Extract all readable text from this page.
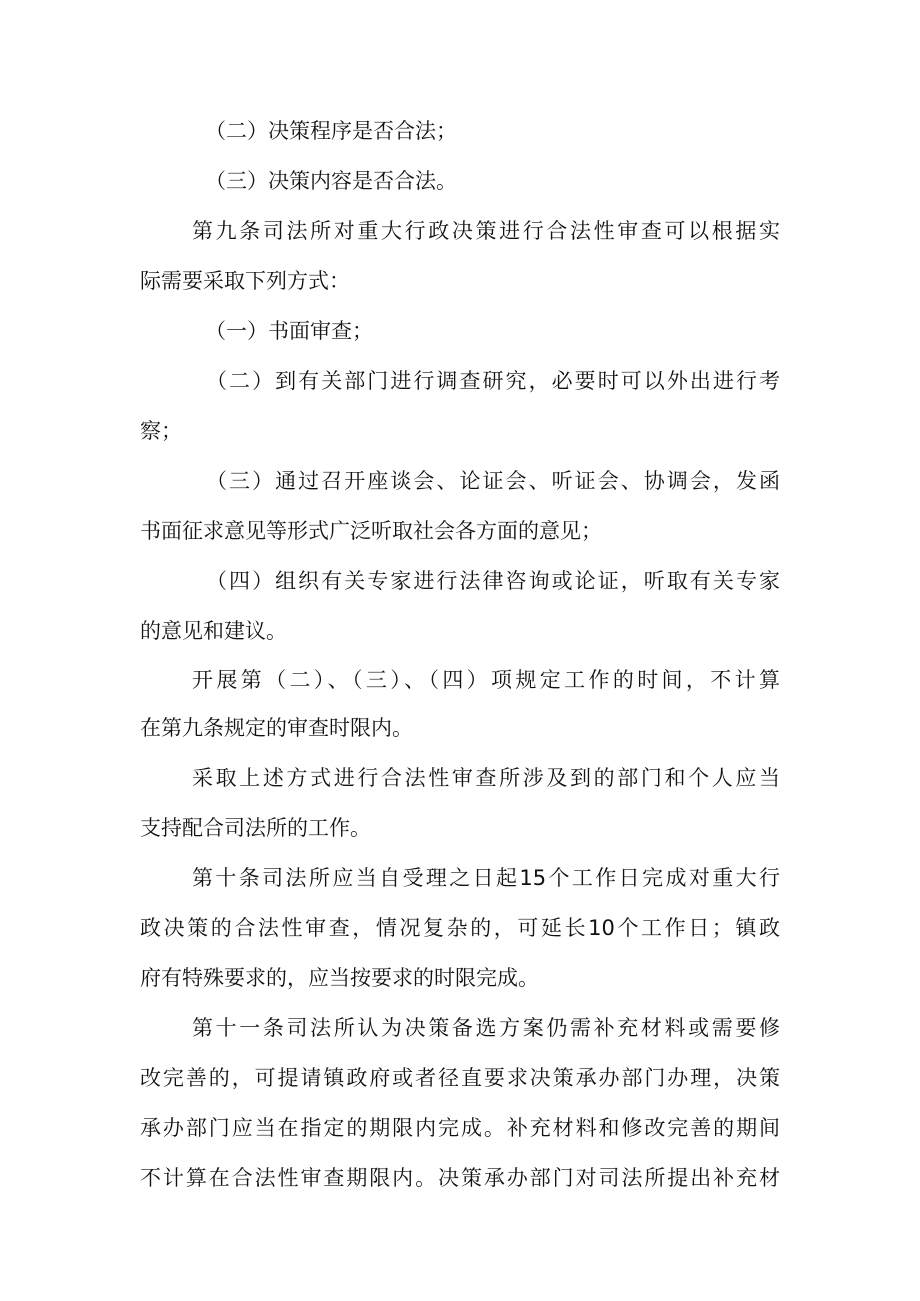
（二）决策程序是否合法；
（三）决策内容是否合法。
第九条司法所对重大行政决策进行合法性审查可以根据实
际需要采取下列方式：
（一）书面审查；
（二）到有关部门进行调查研究，必要时可以外出进行考
察；
（三）通过召开座谈会、论证会、听证会、协调会，发函
书面征求意见等形式广泛听取社会各方面的意见；
（四）组织有关专家进行法律咨询或论证，听取有关专家
的意见和建议。
开展第（二）、（三）、（四）项规定工作的时间，不计算
在第九条规定的审查时限内。
采取上述方式进行合法性审查所涉及到的部门和个人应当
支持配合司法所的工作。
第十条司法所应当自受理之日起15个工作日完成对重大行
政决策的合法性审查，情况复杂的，可延长10个工作日；镇政
府有特殊要求的，应当按要求的时限完成。
第十一条司法所认为决策备选方案仍需补充材料或需要修
改完善的，可提请镇政府或者径直要求决策承办部门办理，决策
承办部门应当在指定的期限内完成。补充材料和修改完善的期间
不计算在合法性审查期限内。决策承办部门对司法所提出补充材
